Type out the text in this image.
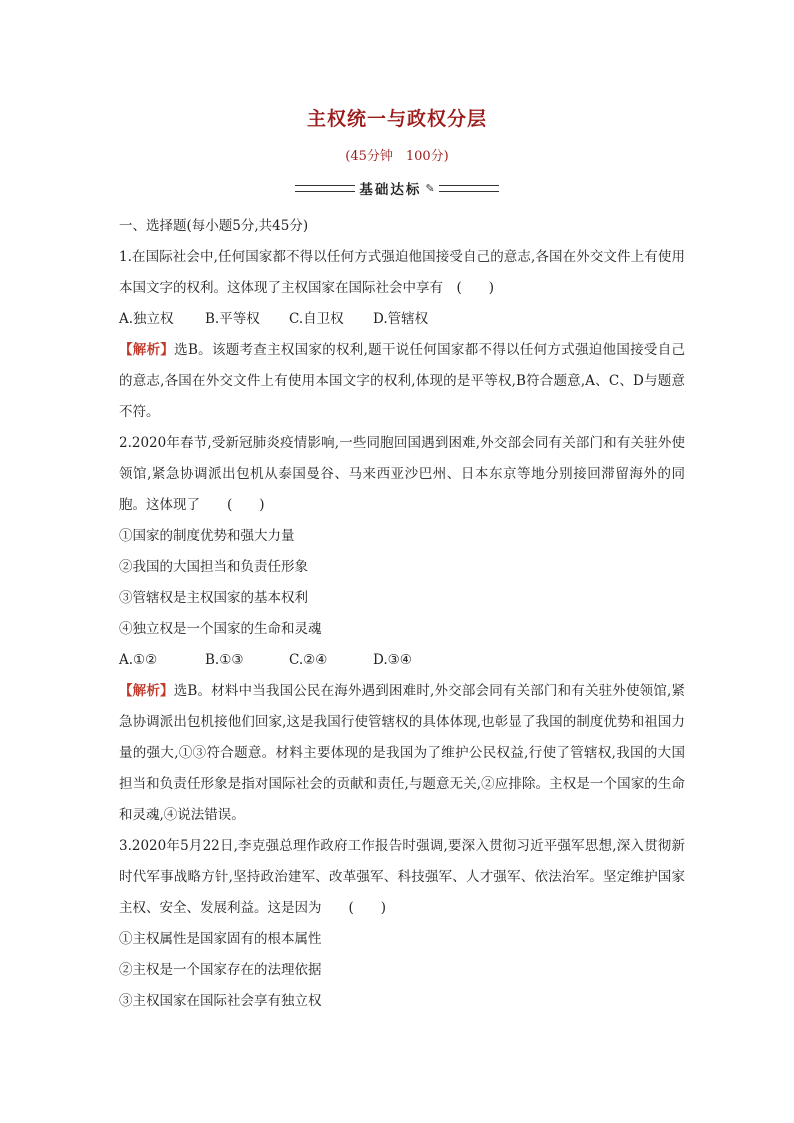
主权统一与政权分层
(45分钟　100分)
基础达标 ✎
一、选择题(每小题5分,共45分)
1.在国际社会中,任何国家都不得以任何方式强迫他国接受自己的意志,各国在外交文件上有使用本国文字的权利。这体现了主权国家在国际社会中享有　(　　)
A.独立权	B.平等权	C.自卫权	D.管辖权
【解析】选B。该题考查主权国家的权利,题干说任何国家都不得以任何方式强迫他国接受自己的意志,各国在外交文件上有使用本国文字的权利,体现的是平等权,B符合题意,A、C、D与题意不符。
2.2020年春节,受新冠肺炎疫情影响,一些同胞回国遇到困难,外交部会同有关部门和有关驻外使领馆,紧急协调派出包机从泰国曼谷、马来西亚沙巴州、日本东京等地分别接回滞留海外的同胞。这体现了　　(　　)
①国家的制度优势和强大力量
②我国的大国担当和负责任形象
③管辖权是主权国家的基本权利
④独立权是一个国家的生命和灵魂
A.①②	B.①③	C.②④	D.③④
【解析】选B。材料中当我国公民在海外遇到困难时,外交部会同有关部门和有关驻外使领馆,紧急协调派出包机接他们回家,这是我国行使管辖权的具体体现,也彰显了我国的制度优势和祖国力量的强大,①③符合题意。材料主要体现的是我国为了维护公民权益,行使了管辖权,我国的大国担当和负责任形象是指对国际社会的贡献和责任,与题意无关,②应排除。主权是一个国家的生命和灵魂,④说法错误。
3.2020年5月22日,李克强总理作政府工作报告时强调,要深入贯彻习近平强军思想,深入贯彻新时代军事战略方针,坚持政治建军、改革强军、科技强军、人才强军、依法治军。坚定维护国家主权、安全、发展利益。这是因为　　(　　)
①主权属性是国家固有的根本属性
②主权是一个国家存在的法理依据
③主权国家在国际社会享有独立权
